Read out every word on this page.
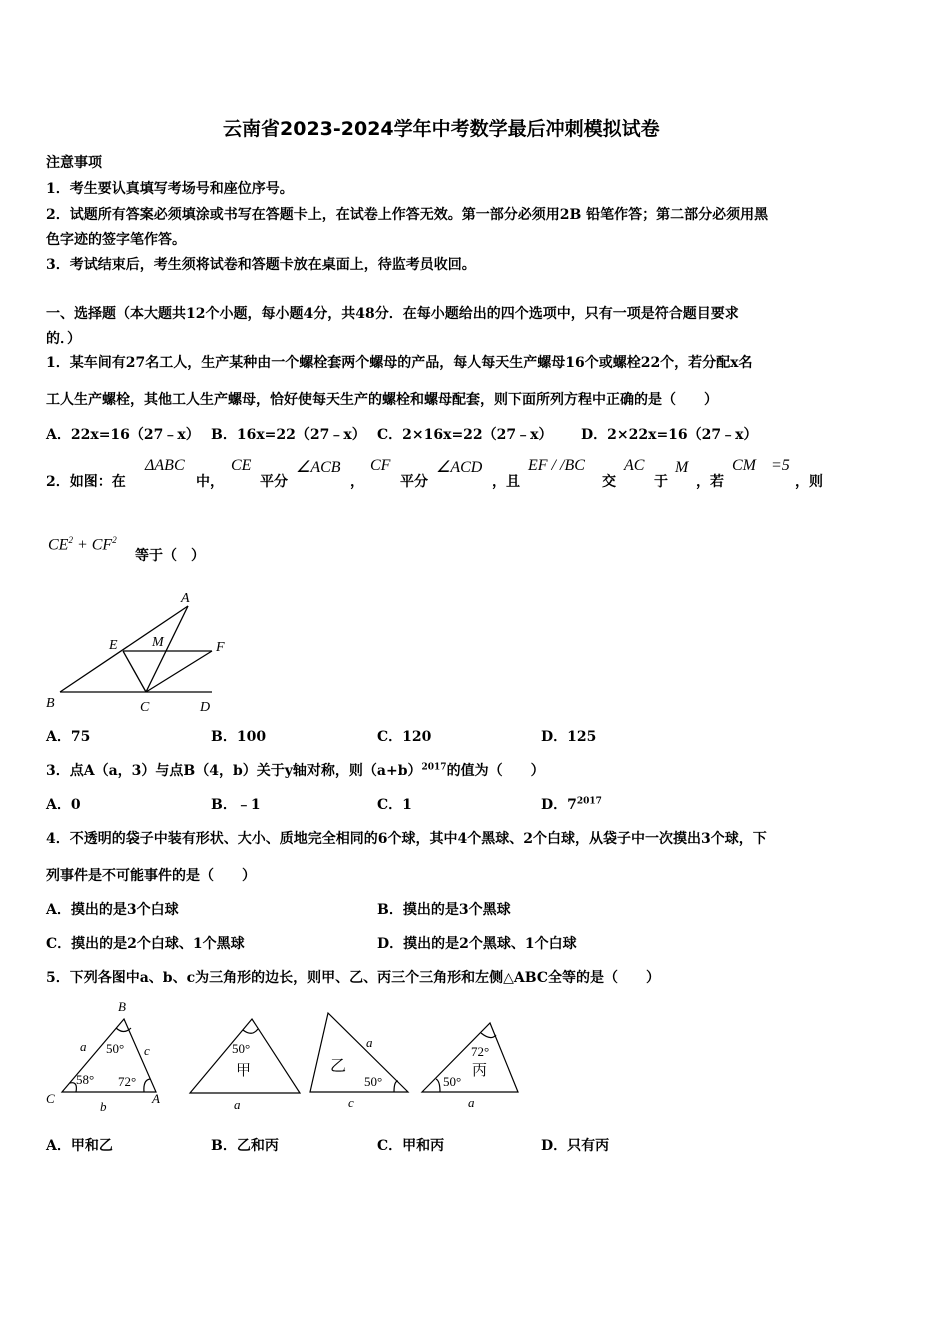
云南省2023-2024学年中考数学最后冲刺模拟试卷
注意事项
1．考生要认真填写考场号和座位序号。
2．试题所有答案必须填涂或书写在答题卡上，在试卷上作答无效。第一部分必须用2B 铅笔作答；第二部分必须用黑
色字迹的签字笔作答。
3．考试结束后，考生须将试卷和答题卡放在桌面上，待监考员收回。
一、选择题（本大题共12个小题，每小题4分，共48分．在每小题给出的四个选项中，只有一项是符合题目要求
的．）
1．某车间有27名工人，生产某种由一个螺栓套两个螺母的产品，每人每天生产螺母16个或螺栓22个，若分配x名
工人生产螺栓，其他工人生产螺母，恰好使每天生产的螺栓和螺母配套，则下面所列方程中正确的是（　　）
A．22x=16（27﹣x） B．16x=22（27﹣x） C．2×16x=22（27﹣x） D．2×22x=16（27﹣x）
2．如图：在
ΔABC
中，
CE
平分
∠ACB
，
CF
平分
∠ACD
，且
EF / /BC
交
AC
于
M
，若
CM =5
，则
$CE^2 + CF^2$
等于（　）
A
E M	F
B	C	D
A．75	B．100	C．120	D．125
3．点A（a，3）与点B（4，b）关于y轴对称，则$(a+b)^{2017}$的值为（　　）
A．0	B．﹣1	C．1	D．$7^{2017}$
4．不透明的袋子中装有形状、大小、质地完全相同的6个球，其中4个黑球、2个白球，从袋子中一次摸出3个球，下
列事件是不可能事件的是（　　）
A．摸出的是3个白球	B．摸出的是3个黑球
C．摸出的是2个白球、1个黑球	D．摸出的是2个黑球、1个白球
5．下列各图中a、b、c为三角形的边长，则甲、乙、丙三个三角形和左侧△ABC全等的是（　　）
B
C	A
a	c
b
50°
58° 72°
50°
甲
a
乙
a
50°
c
72°
丙
50°
a
A．甲和乙	B．乙和丙	C．甲和丙	D．只有丙
